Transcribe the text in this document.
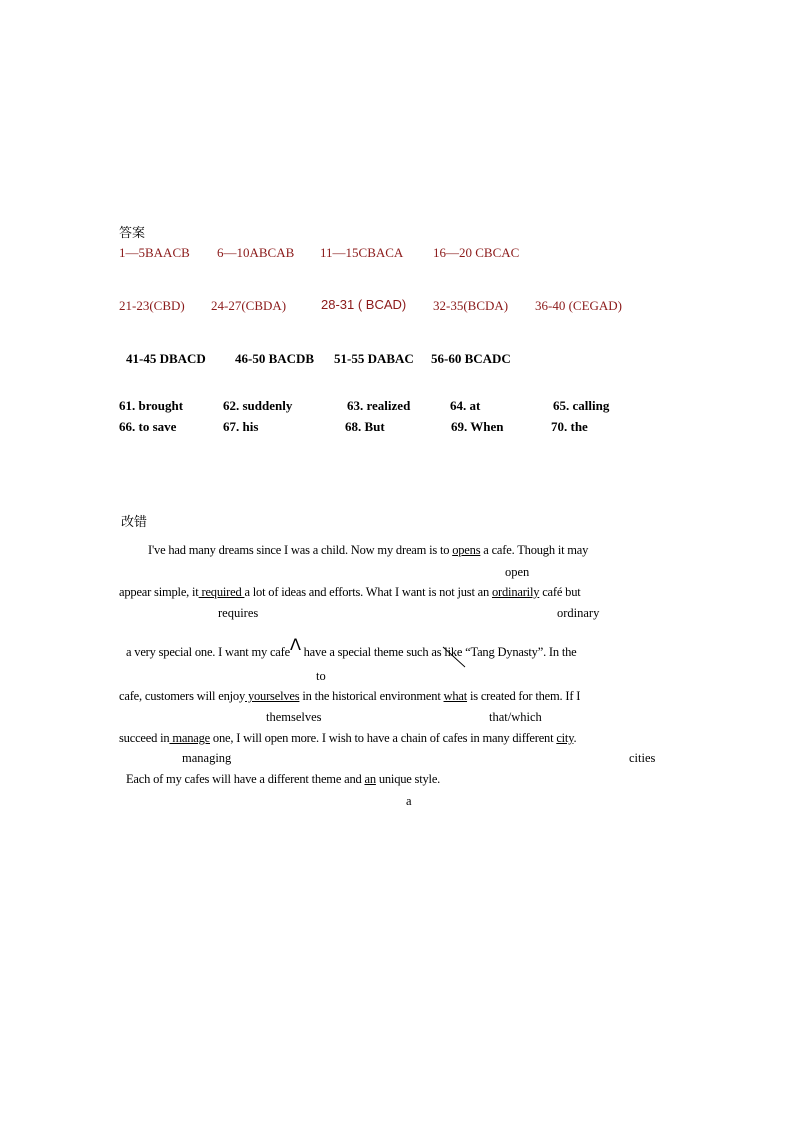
答案
1—5BAACB 6—10ABCAB 11—15CBACA 16—20 CBCAC
21-23(CBD) 24-27(CBDA)	28-31 ( BCAD) 32-35(BCDA) 36-40 (CEGAD)
41-45 DBACD 46-50 BACDB 51-55 DABAC 56-60 BCADC
61. brought	62. suddenly	63. realized	64. at	65. calling
66. to save	67. his	68. But	69. When	70. the
改错
I've had many dreams since I was a child. Now my dream is to opens a cafe. Though it may
open
appear simple, it required a lot of ideas and efforts. What I want is not just an ordinarily café but
requires	ordinary
a very special one. I want my cafeΛ have a special theme such as like
“Tang Dynasty”. In the
to
cafe, customers will enjoy yourselves in the historical environment what is created for them. If I
themselves	that/which
succeed in manage one, I will open more. I wish to have a chain of cafes in many different city.
managing	cities
Each of my cafes will have a different theme and an unique style.
a
